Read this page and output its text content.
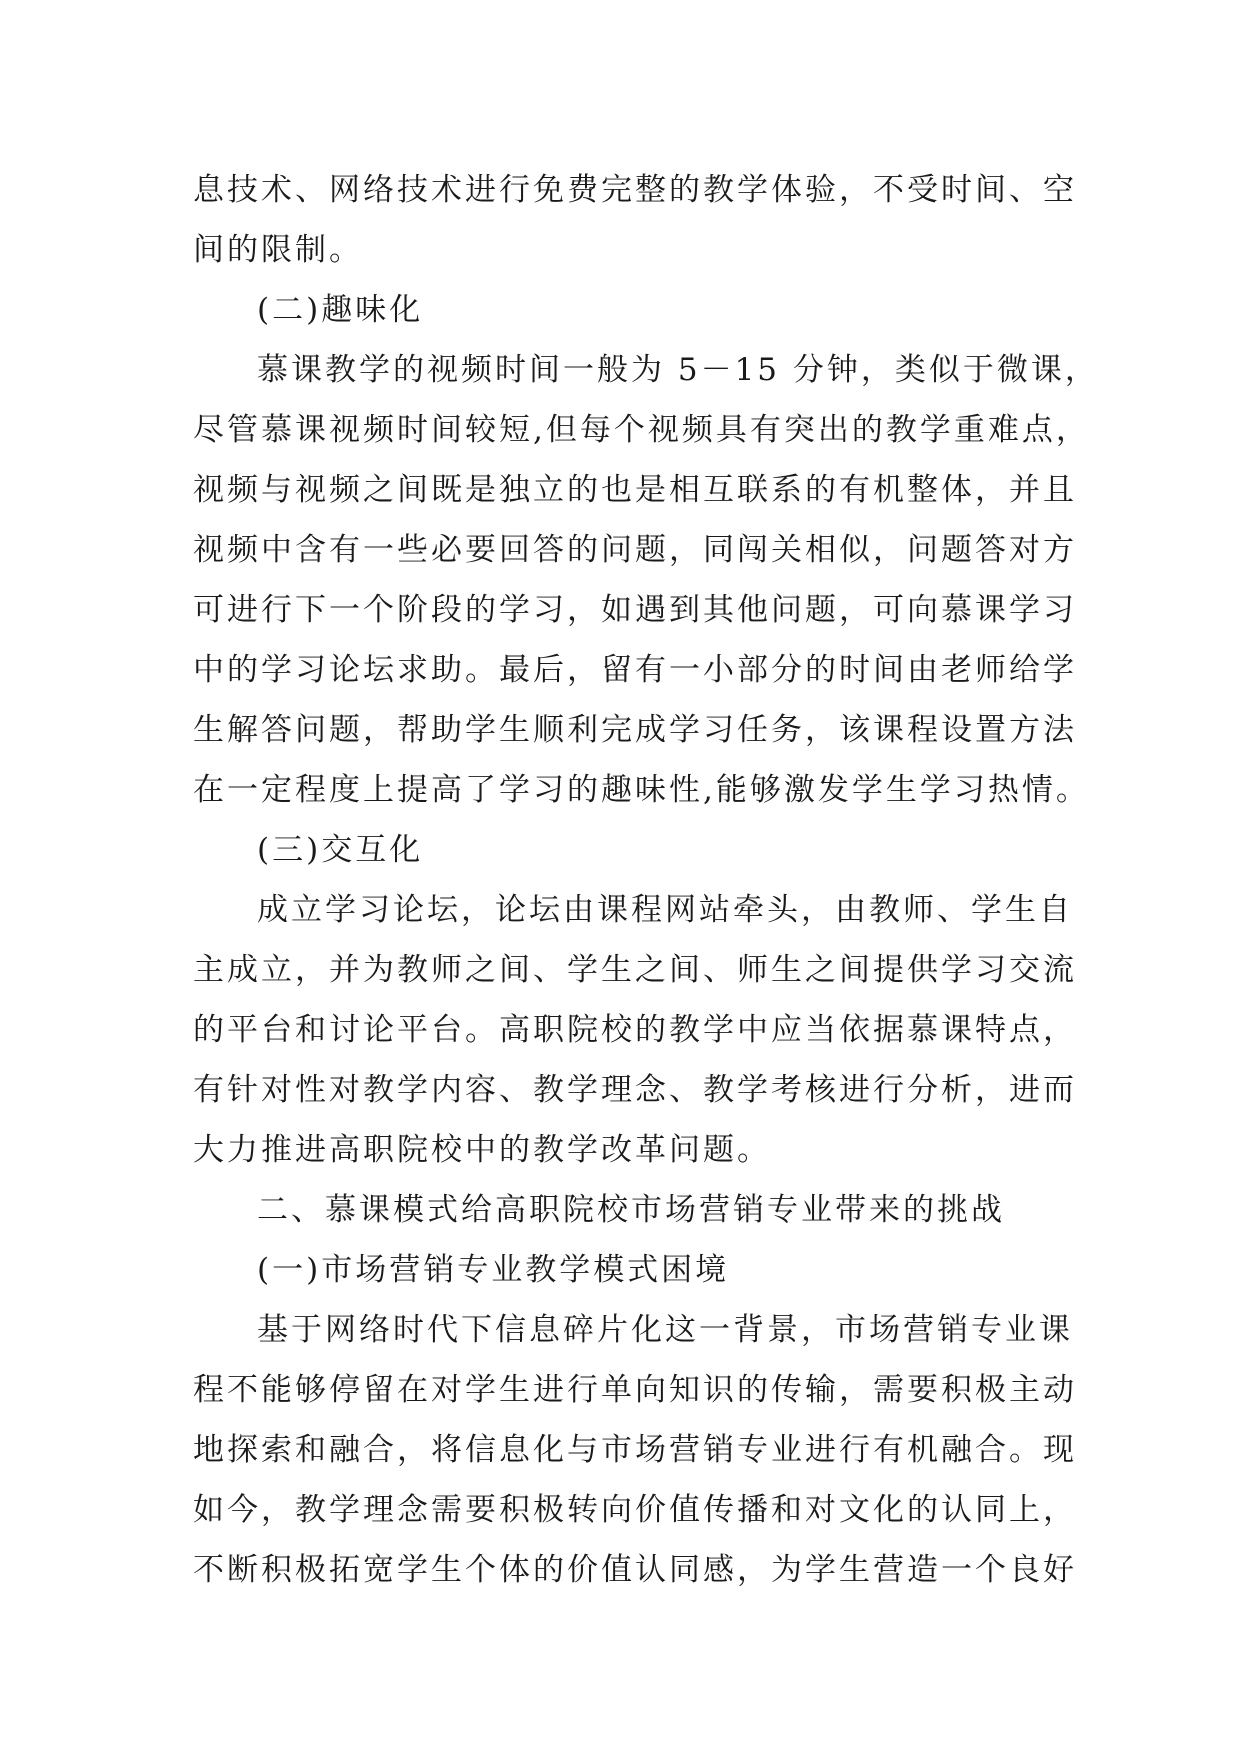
息技术、网络技术进行免费完整的教学体验，不受时间、空
间的限制。
(二)趣味化
慕课教学的视频时间一般为 5－15 分钟，类似于微课，
尽管慕课视频时间较短,但每个视频具有突出的教学重难点，
视频与视频之间既是独立的也是相互联系的有机整体，并且
视频中含有一些必要回答的问题，同闯关相似，问题答对方
可进行下一个阶段的学习，如遇到其他问题，可向慕课学习
中的学习论坛求助。最后，留有一小部分的时间由老师给学
生解答问题，帮助学生顺利完成学习任务，该课程设置方法
在一定程度上提高了学习的趣味性,能够激发学生学习热情。
(三)交互化
成立学习论坛，论坛由课程网站牵头，由教师、学生自
主成立，并为教师之间、学生之间、师生之间提供学习交流
的平台和讨论平台。高职院校的教学中应当依据慕课特点，
有针对性对教学内容、教学理念、教学考核进行分析，进而
大力推进高职院校中的教学改革问题。
二、慕课模式给高职院校市场营销专业带来的挑战
(一)市场营销专业教学模式困境
基于网络时代下信息碎片化这一背景，市场营销专业课
程不能够停留在对学生进行单向知识的传输，需要积极主动
地探索和融合，将信息化与市场营销专业进行有机融合。现
如今，教学理念需要积极转向价值传播和对文化的认同上，
不断积极拓宽学生个体的价值认同感，为学生营造一个良好
